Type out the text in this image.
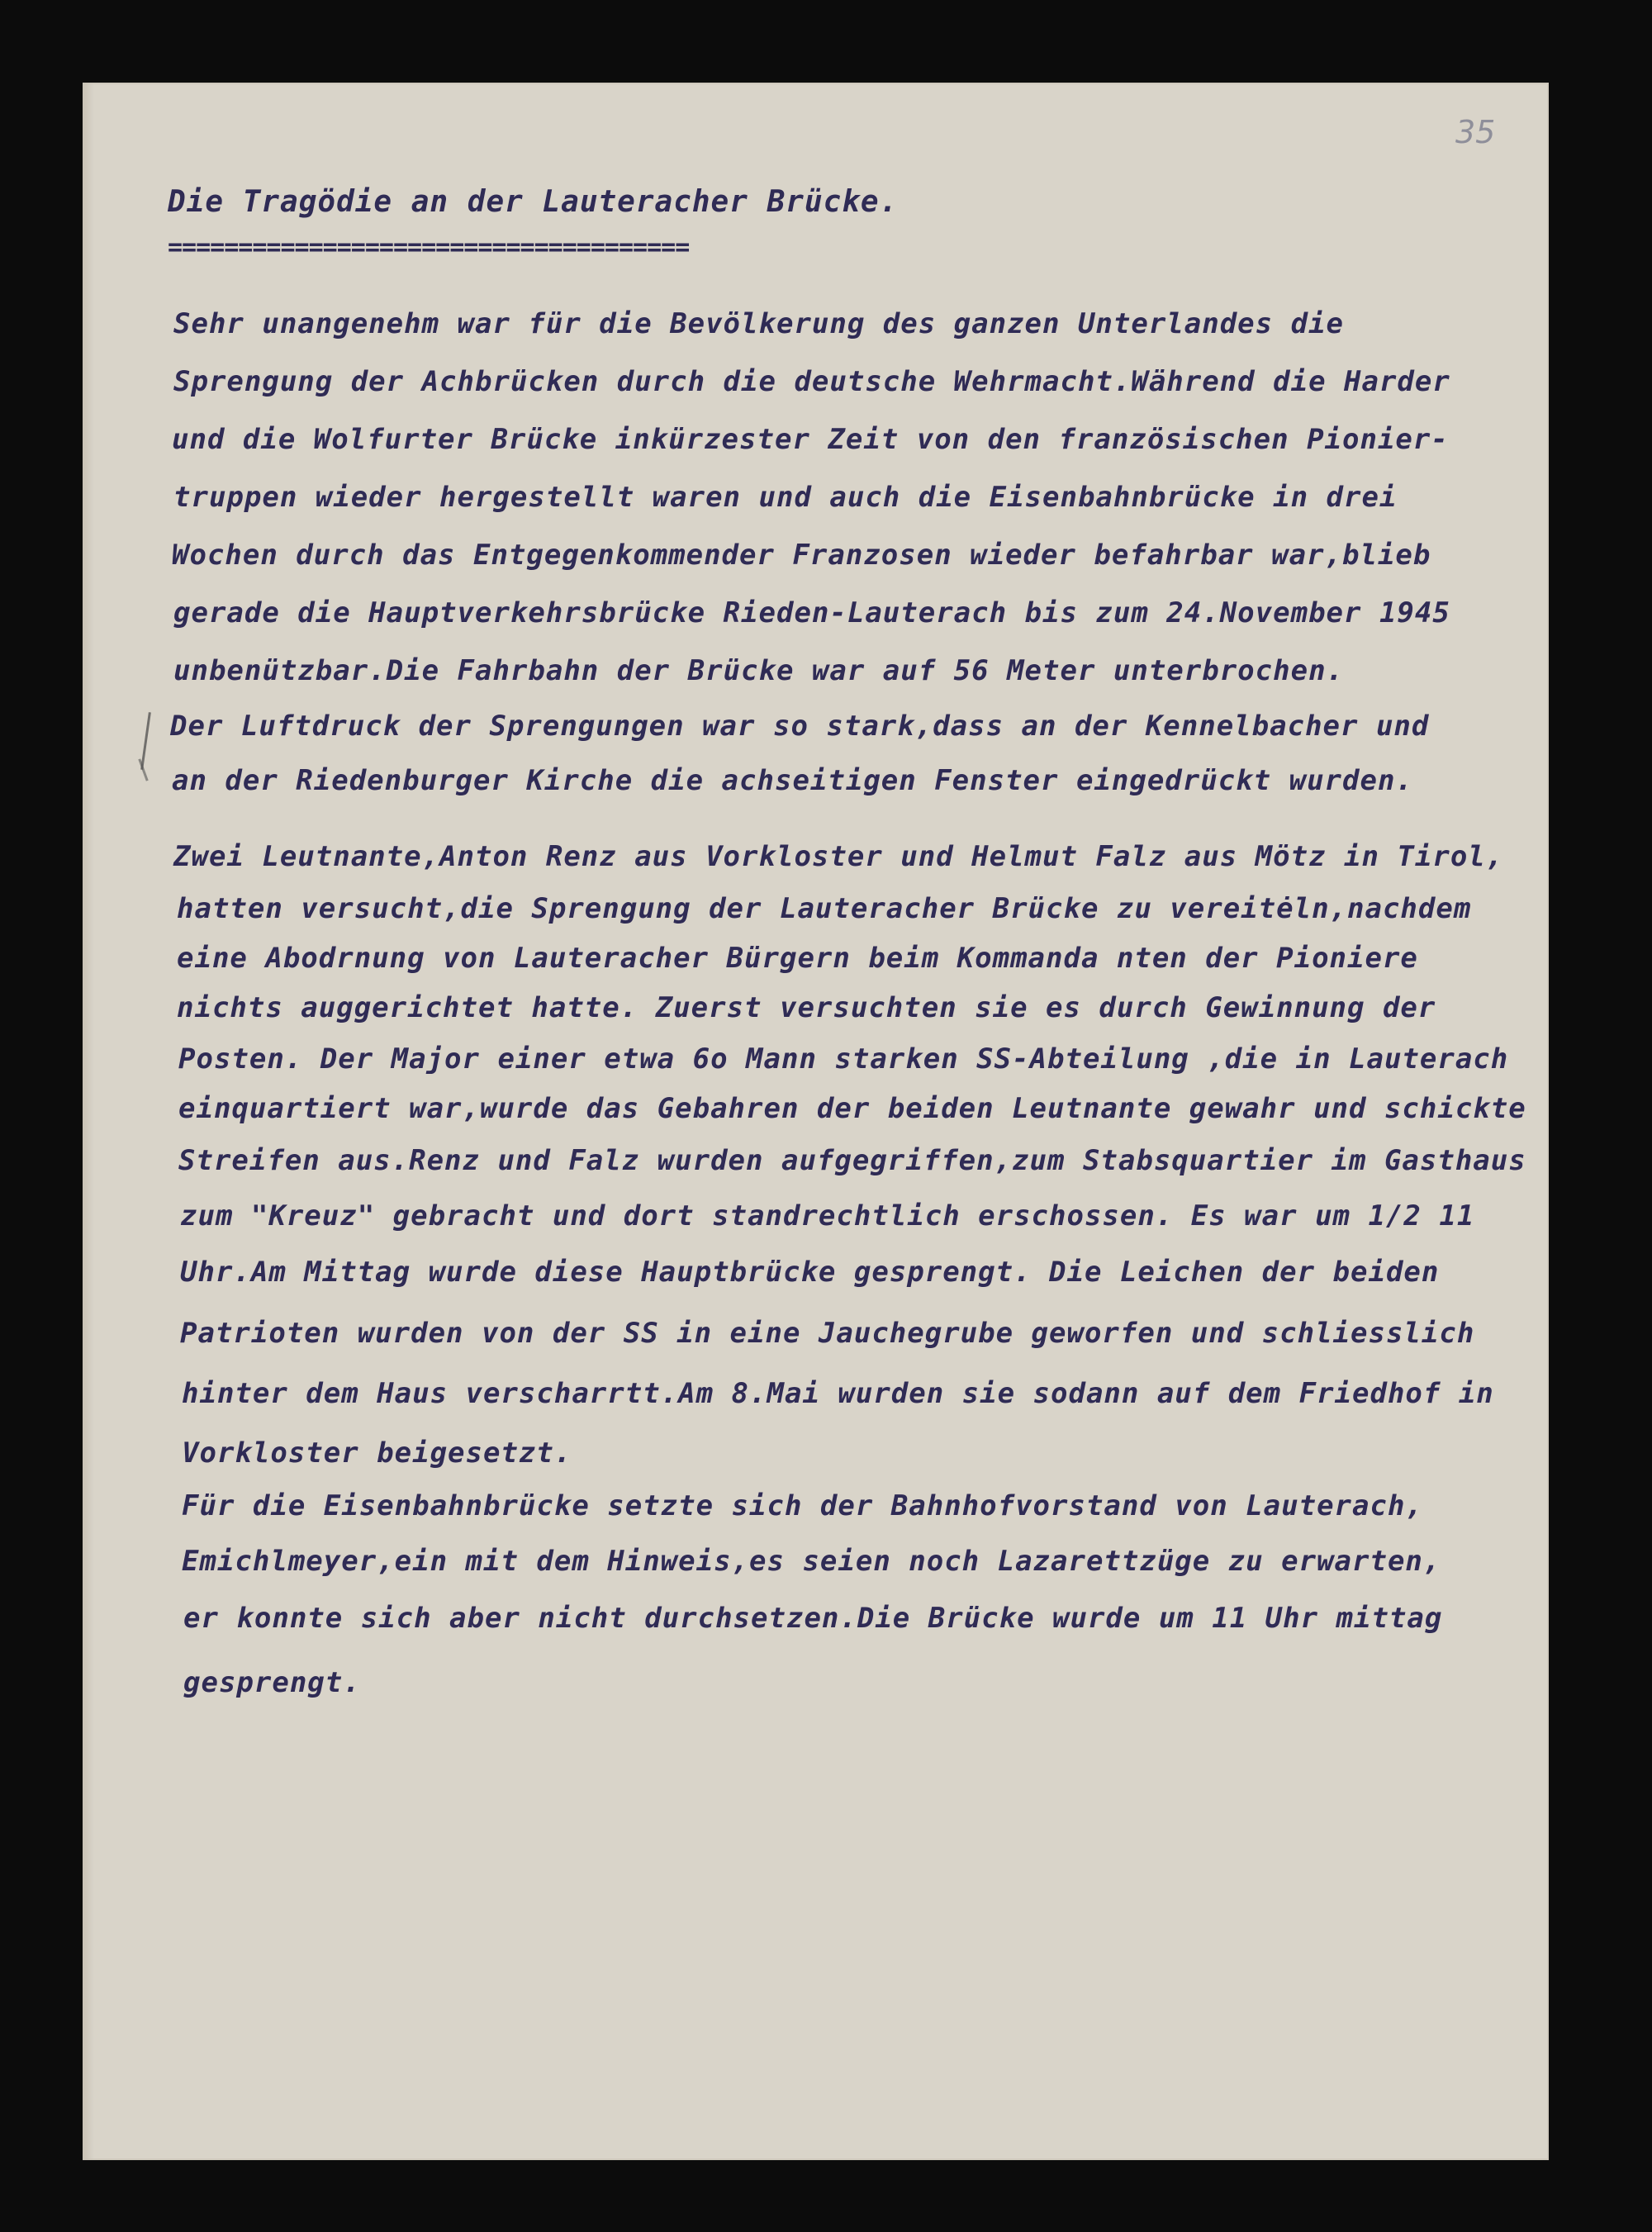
35
Die Tragödie an der Lauteracher Brücke.
=====================================
Sehr unangenehm war für die Bevölkerung des ganzen Unterlandes die
Sprengung der Achbrücken durch die deutsche Wehrmacht.Während die Harder
und die Wolfurter Brücke inkürzester Zeit von den französischen Pionier-
truppen wieder hergestellt waren und auch die Eisenbahnbrücke in drei
Wochen durch das Entgegenkommender Franzosen wieder befahrbar war,blieb
gerade die Hauptverkehrsbrücke Rieden-Lauterach bis zum 24.November 1945
unbenützbar.Die Fahrbahn der Brücke war auf 56 Meter unterbrochen.
Der Luftdruck der Sprengungen war so stark,dass an der Kennelbacher und
an der Riedenburger Kirche die achseitigen Fenster eingedrückt wurden.
Zwei Leutnante,Anton Renz aus Vorkloster und Helmut Falz aus Mötz in Tirol,
hatten versucht,die Sprengung der Lauteracher Brücke zu vereitėln,nachdem
eine Abodrnung von Lauteracher Bürgern beim Kommanda nten der Pioniere
nichts auggerichtet hatte. Zuerst versuchten sie es durch Gewinnung der
Posten. Der Major einer etwa 6o Mann starken SS-Abteilung ,die in Lauterach
einquartiert war,wurde das Gebahren der beiden Leutnante gewahr und schickte
Streifen aus.Renz und Falz wurden aufgegriffen,zum Stabsquartier im Gasthaus
zum "Kreuz" gebracht und dort standrechtlich erschossen. Es war um 1/2 11
Uhr.Am Mittag wurde diese Hauptbrücke gesprengt. Die Leichen der beiden
Patrioten wurden von der SS in eine Jauchegrube geworfen und schliesslich
hinter dem Haus verscharrtt.Am 8.Mai wurden sie sodann auf dem Friedhof in
Vorkloster beigesetzt.
Für die Eisenbahnbrücke setzte sich der Bahnhofvorstand von Lauterach,
Emichlmeyer,ein mit dem Hinweis,es seien noch Lazarettzüge zu erwarten,
er konnte sich aber nicht durchsetzen.Die Brücke wurde um 11 Uhr mittag
gesprengt.
